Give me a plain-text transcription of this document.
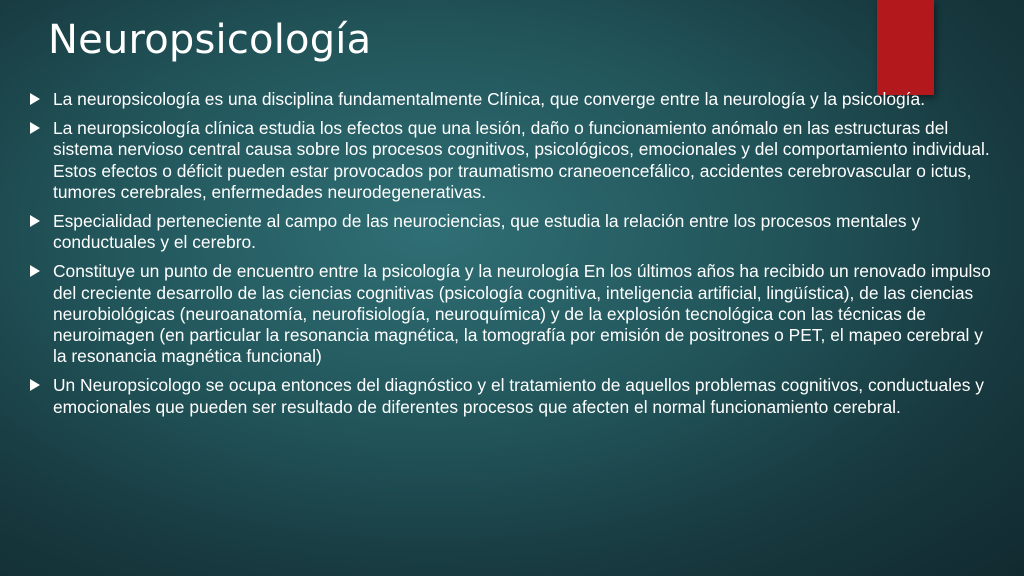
Neuropsicología
La neuropsicología es una disciplina fundamentalmente Clínica, que converge entre la neurología y la psicología.
La neuropsicología clínica estudia los efectos que una lesión, daño o funcionamiento anómalo en las estructuras del sistema nervioso central causa sobre los procesos cognitivos, psicológicos, emocionales y del comportamiento individual. Estos efectos o déficit pueden estar provocados por traumatismo craneoencefálico, accidentes cerebrovascular o ictus, tumores cerebrales, enfermedades neurodegenerativas.
Especialidad perteneciente al campo de las neurociencias, que estudia la relación entre los procesos mentales y conductuales y el cerebro.
Constituye un punto de encuentro entre la psicología y la neurología En los últimos años ha recibido un renovado impulso del creciente desarrollo de las ciencias cognitivas (psicología cognitiva, inteligencia artificial, lingüística), de las ciencias neurobiológicas (neuroanatomía, neurofisiología, neuroquímica) y de la explosión tecnológica con las técnicas de neuroimagen (en particular la resonancia magnética, la tomografía por emisión de positrones o PET, el mapeo cerebral y la resonancia magnética funcional)
Un Neuropsicologo se ocupa entonces del diagnóstico y el tratamiento de aquellos problemas cognitivos, conductuales y emocionales que pueden ser resultado de diferentes procesos que afecten el normal funcionamiento cerebral.
